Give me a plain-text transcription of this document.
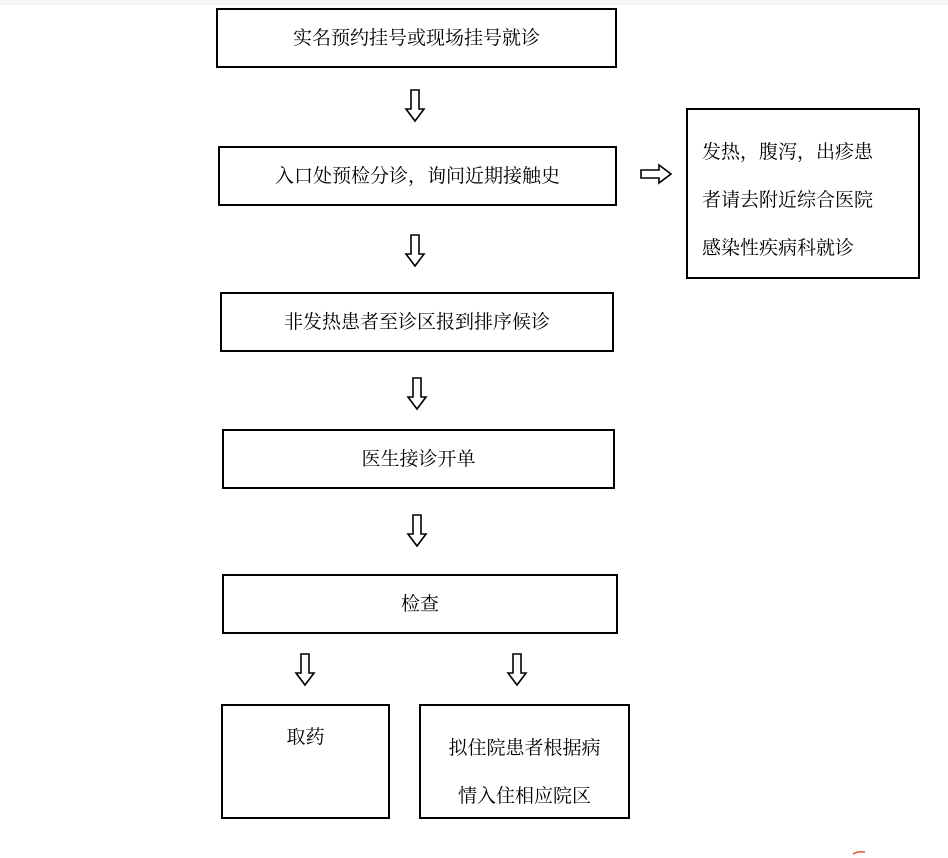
实名预约挂号或现场挂号就诊
入口处预检分诊，询问近期接触史
发热，腹泻，出疹患
者请去附近综合医院
感染性疾病科就诊
非发热患者至诊区报到排序候诊
医生接诊开单
检查
取药	拟住院患者根据病
情入住相应院区
